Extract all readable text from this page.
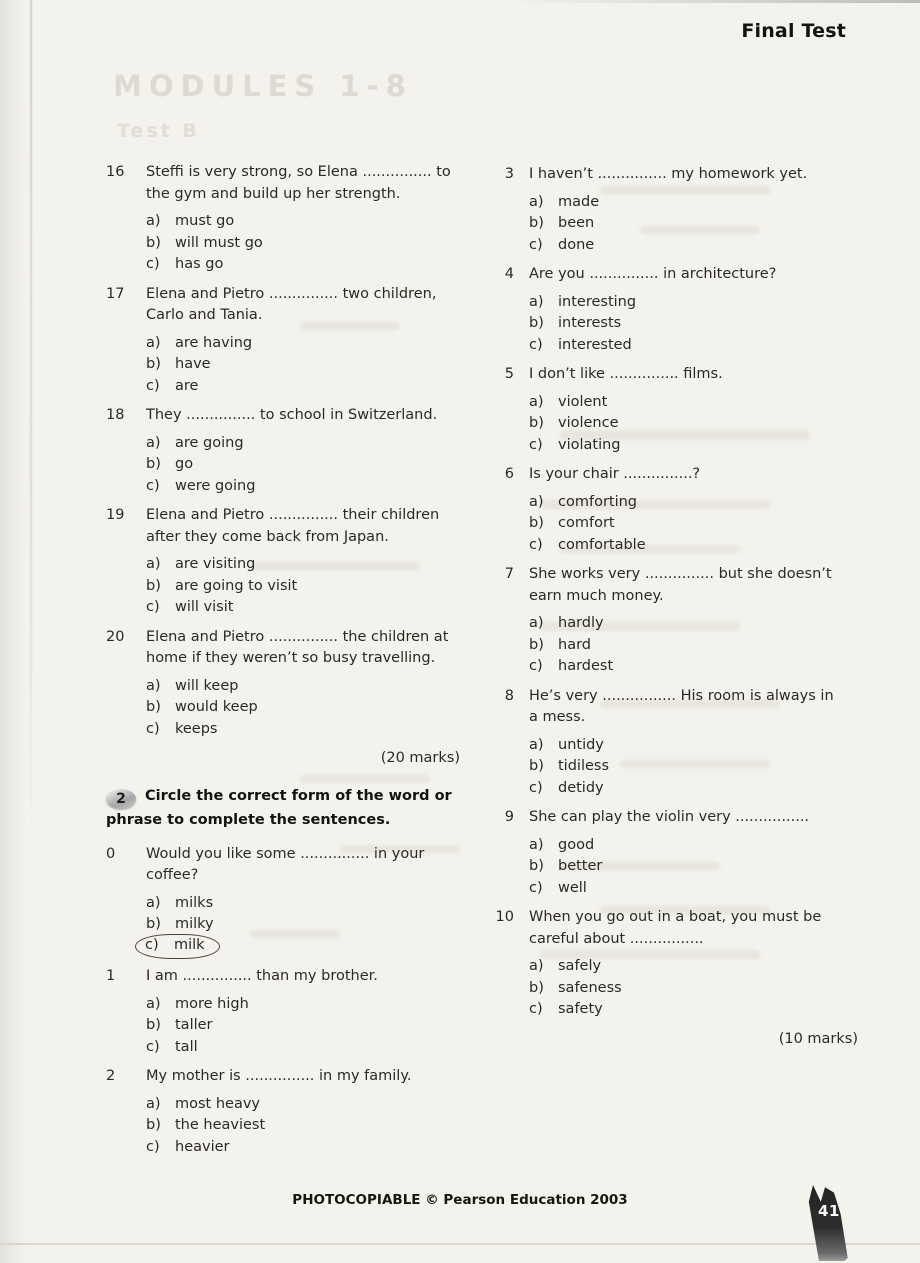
Final Test
MODULES 1-8
Test B
16	Steffi is very strong, so Elena ............... to the gym and build up her strength.
a) must go
b) will must go
c)	has go
17	Elena and Pietro ............... two children, Carlo and Tania.
a) are having
b) have
c)	are
18	They ............... to school in Switzerland.
a) are going
b) go
c)	were going
19	Elena and Pietro ............... their children after they come back from Japan.
a) are visiting
b) are going to visit
c)	will visit
20	Elena and Pietro ............... the children at home if they weren’t so busy travelling.
a) will keep
b) would keep
c)	keeps
(20 marks)
2 Circle the correct form of the word or phrase to complete the sentences.
0	Would you like some ............... in your coffee?
a) milks
b) milky
c)	milk
1	I am ............... than my brother.
a) more high
b) taller
c)	tall
2	My mother is ............... in my family.
a) most heavy
b) the heaviest
c)	heavier
3 I haven’t ............... my homework yet.
a) made
b) been
c)	done
4 Are you ............... in architecture?
a) interesting
b) interests
c)	interested
5 I don’t like ............... films.
a) violent
b) violence
c)	violating
6 Is your chair ...............?
a) comforting
b) comfort
c)	comfortable
7 She works very ............... but she doesn’t earn much money.
a) hardly
b) hard
c)	hardest
8 He’s very ................ His room is always in a mess.
a) untidy
b) tidiless
c)	detidy
9 She can play the violin very ................
a) good
b) better
c)	well
10 When you go out in a boat, you must be careful about ................
a) safely
b) safeness
c)	safety
(10 marks)
PHOTOCOPIABLE © Pearson Education 2003
41
